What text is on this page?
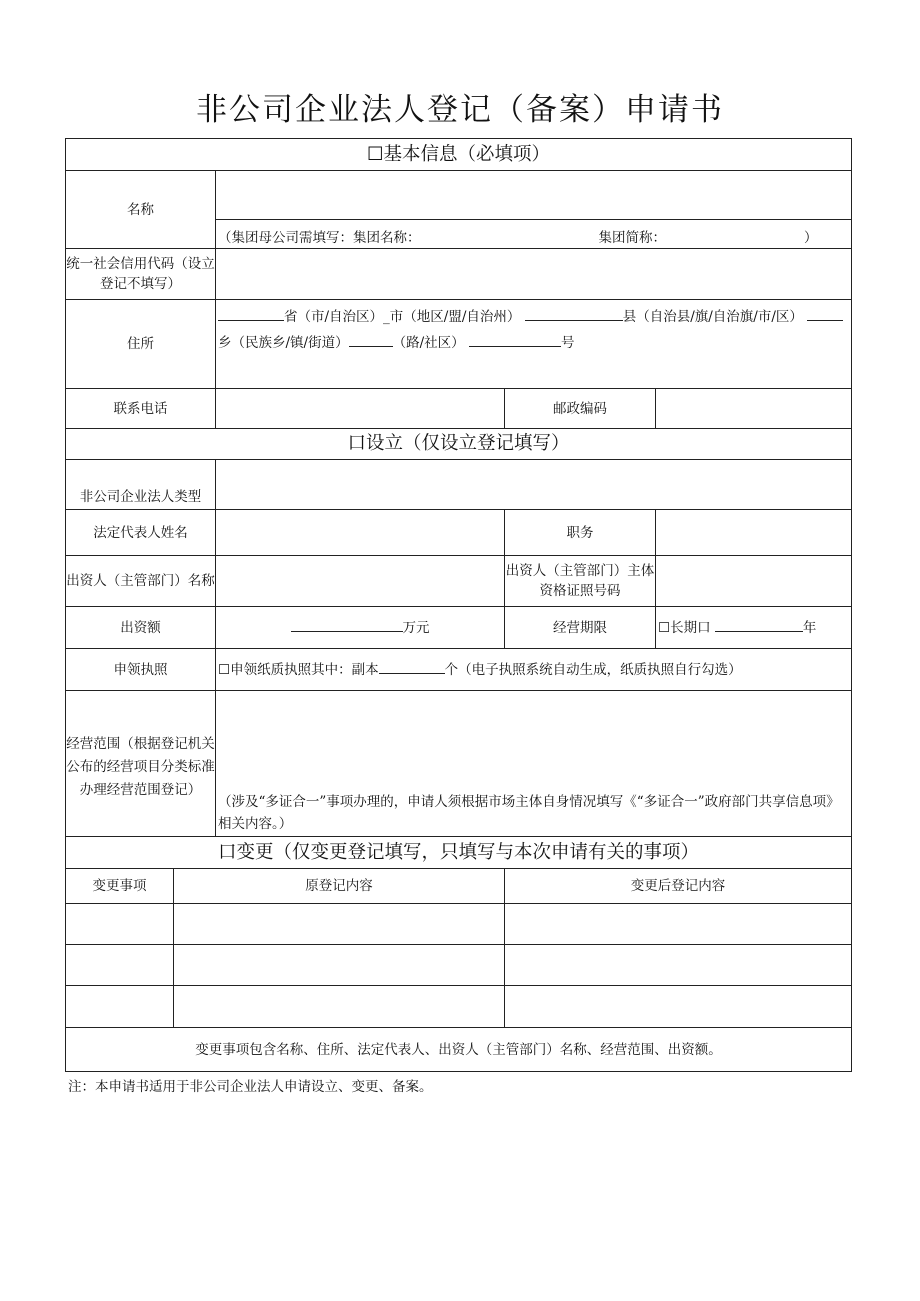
非公司企业法人登记（备案）申请书
☐基本信息（必填项）				
名称				
		（集团母公司需填写：集团名称： 集团简称： ）		
统一社会信用代码（设立登记不填写）				
住所		省（市/自治区）_市（地区/盟/自治州） 县（自治县/旗/自治旗/市/区） 乡（民族乡/镇/街道） （路/社区） 号		
联系电话			邮政编码	
口设立（仅设立登记填写）				
非公司企业法人类型				
法定代表人姓名			职务	
出资人（主管部门）名称			出资人（主管部门）主体资格证照号码	
出资额		万元	经营期限	☐长期口 年
申领执照		☐申领纸质执照其中：副本 个（电子执照系统自动生成，纸质执照自行勾选）		
经营范围（根据登记机关公布的经营项目分类标准办理经营范围登记）		（涉及“多证合一”事项办理的，申请人须根据市场主体自身情况填写《“多证合一”政府部门共享信息项》相关内容。）		
口变更（仅变更登记填写，只填写与本次申请有关的事项）				
变更事项	原登记内容		变更后登记内容	

变更事项包含名称、住所、法定代表人、出资人（主管部门）名称、经营范围、出资额。				
注：本申请书适用于非公司企业法人申请设立、变更、备案。
